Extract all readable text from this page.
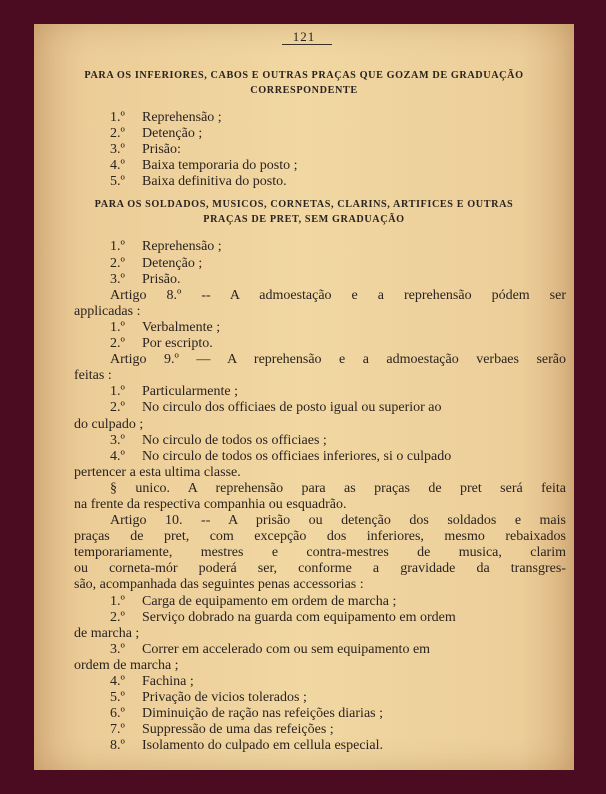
121
PARA OS INFERIORES, CABOS E OUTRAS PRAÇAS QUE GOZAM DE GRADUAÇÃO
CORRESPONDENTE
PARA OS SOLDADOS, MUSICOS, CORNETAS, CLARINS, ARTIFICES E OUTRAS
PRAÇAS DE PRET, SEM GRADUAÇÃO
1.º Reprehensão ;
2.º Detenção ;
3.º Prisão:
4.º Baixa temporaria do posto ;
5.º Baixa definitiva do posto.
1.º Reprehensão ;
2.º Detenção ;
3.º Prisão.
Artigo 8.º -- A admoestação e a reprehensão pódem ser
applicadas :
1.º Verbalmente ;
2.º Por escripto.
Artigo 9.º — A reprehensão e a admoestação verbaes serão
feitas :
1.º Particularmente ;
2.º No circulo dos officiaes de posto igual ou superior ao
do culpado ;
3.º No circulo de todos os officiaes ;
4.º No circulo de todos os officiaes inferiores, si o culpado
pertencer a esta ultima classe.
§ unico. A reprehensão para as praças de pret será feita
na frente da respectiva companhia ou esquadrão.
Artigo 10. -- A prisão ou detenção dos soldados e mais
praças de pret, com excepção dos inferiores, mesmo rebaixados
temporariamente, mestres e contra-mestres de musica, clarim
ou corneta-mór poderá ser, conforme a gravidade da transgres-
são, acompanhada das seguintes penas accessorias :
1.º Carga de equipamento em ordem de marcha ;
2.º Serviço dobrado na guarda com equipamento em ordem
de marcha ;
3.º Correr em accelerado com ou sem equipamento em
ordem de marcha ;
4.º Fachina ;
5.º Privação de vicios tolerados ;
6.º Diminuição de ração nas refeições diarias ;
7.º Suppressão de uma das refeições ;
8.º Isolamento do culpado em cellula especial.
